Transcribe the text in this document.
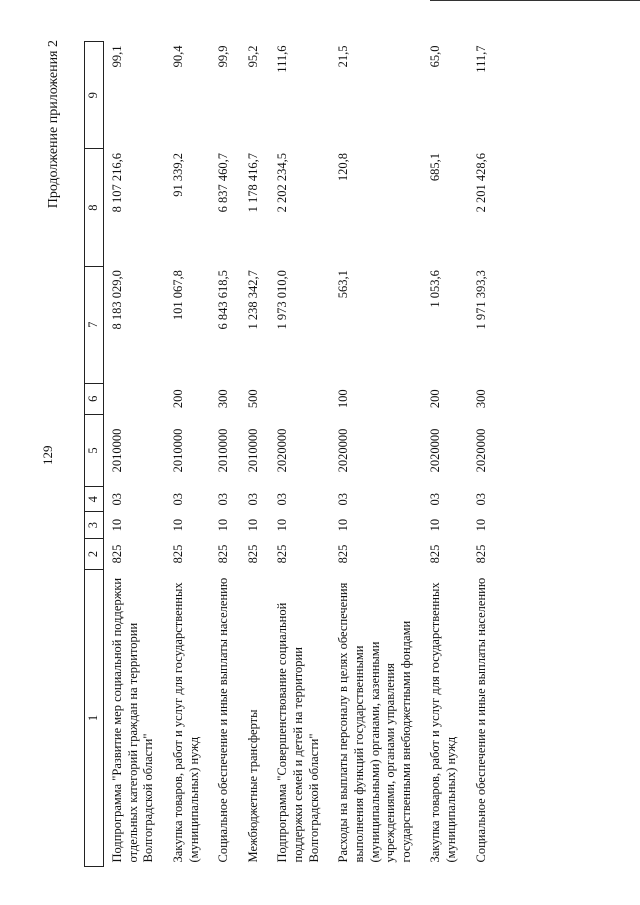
129
Продолжение приложения 2
1	2	3	4	5	6	7	8	9
Подпрограмма "Развитие мер социальной поддержки отдельных категорий граждан на территории Волгоградской области"	825	10	03	2010000		8 183 029,0	8 107 216,6	99,1
Закупка товаров, работ и услуг для государственных (муниципальных) нужд	825	10	03	2010000	200	101 067,8	91 339,2	90,4
Социальное обеспечение и иные выплаты населению	825	10	03	2010000	300	6 843 618,5	6 837 460,7	99,9
Межбюджетные трансферты	825	10	03	2010000	500	1 238 342,7	1 178 416,7	95,2
Подпрограмма "Совершенствование социальной поддержки семей и детей на территории Волгоградской области"	825	10	03	2020000		1 973 010,0	2 202 234,5	111,6
Расходы на выплаты персоналу в целях обеспечения выполнения функций государственными (муниципальными) органами, казенными учреждениями, органами управления государственными внебюджетными фондами	825	10	03	2020000	100	563,1	120,8	21,5
Закупка товаров, работ и услуг для государственных (муниципальных) нужд	825	10	03	2020000	200	1 053,6	685,1	65,0
Социальное обеспечение и иные выплаты населению	825	10	03	2020000	300	1 971 393,3	2 201 428,6	111,7
